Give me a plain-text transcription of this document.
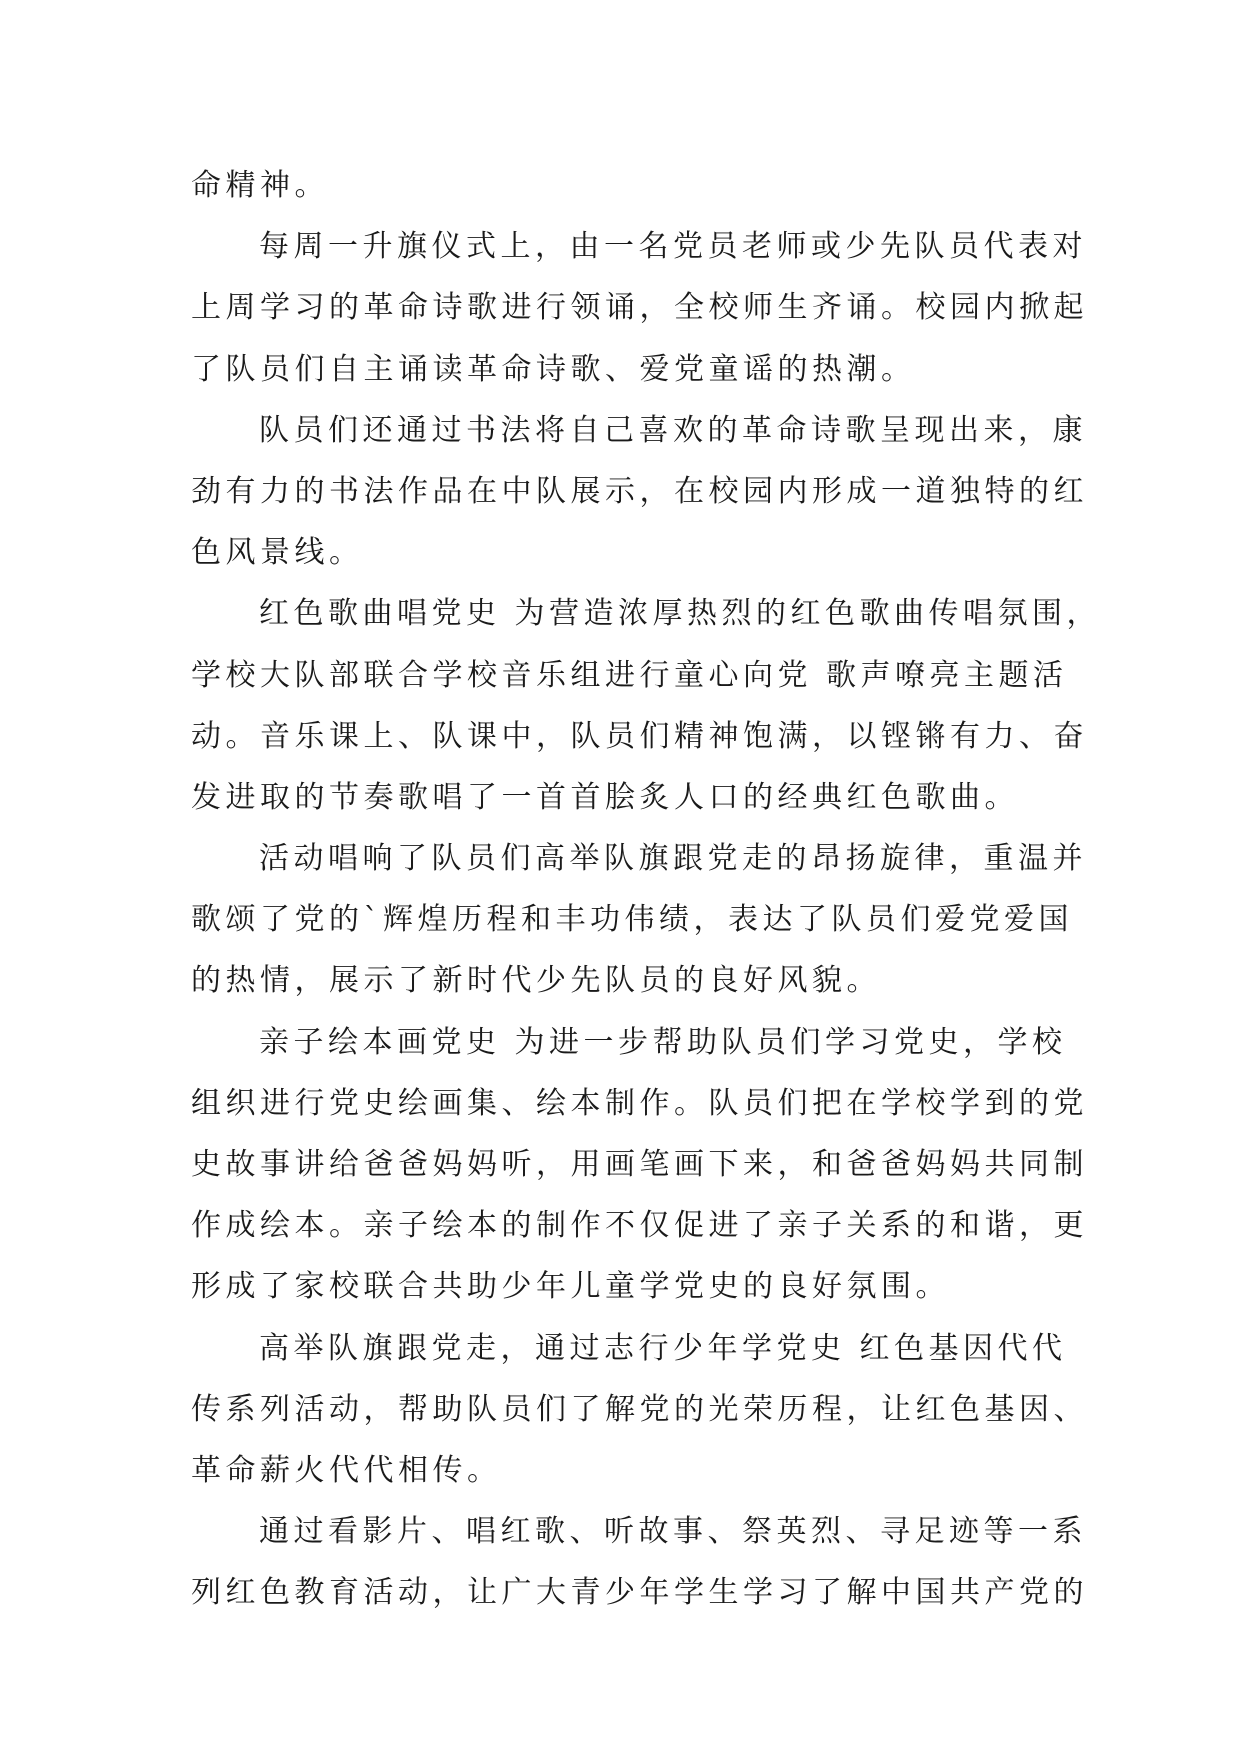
命精神。
每周一升旗仪式上，由一名党员老师或少先队员代表对
上周学习的革命诗歌进行领诵，全校师生齐诵。校园内掀起
了队员们自主诵读革命诗歌、爱党童谣的热潮。
队员们还通过书法将自己喜欢的革命诗歌呈现出来，康
劲有力的书法作品在中队展示，在校园内形成一道独特的红
色风景线。
红色歌曲唱党史 为营造浓厚热烈的红色歌曲传唱氛围，
学校大队部联合学校音乐组进行童心向党 歌声嘹亮主题活
动。音乐课上、队课中，队员们精神饱满，以铿锵有力、奋
发进取的节奏歌唱了一首首脍炙人口的经典红色歌曲。
活动唱响了队员们高举队旗跟党走的昂扬旋律，重温并
歌颂了党的`辉煌历程和丰功伟绩，表达了队员们爱党爱国
的热情，展示了新时代少先队员的良好风貌。
亲子绘本画党史 为进一步帮助队员们学习党史，学校
组织进行党史绘画集、绘本制作。队员们把在学校学到的党
史故事讲给爸爸妈妈听，用画笔画下来，和爸爸妈妈共同制
作成绘本。亲子绘本的制作不仅促进了亲子关系的和谐，更
形成了家校联合共助少年儿童学党史的良好氛围。
高举队旗跟党走，通过志行少年学党史 红色基因代代
传系列活动，帮助队员们了解党的光荣历程，让红色基因、
革命薪火代代相传。
通过看影片、唱红歌、听故事、祭英烈、寻足迹等一系
列红色教育活动，让广大青少年学生学习了解中国共产党的
